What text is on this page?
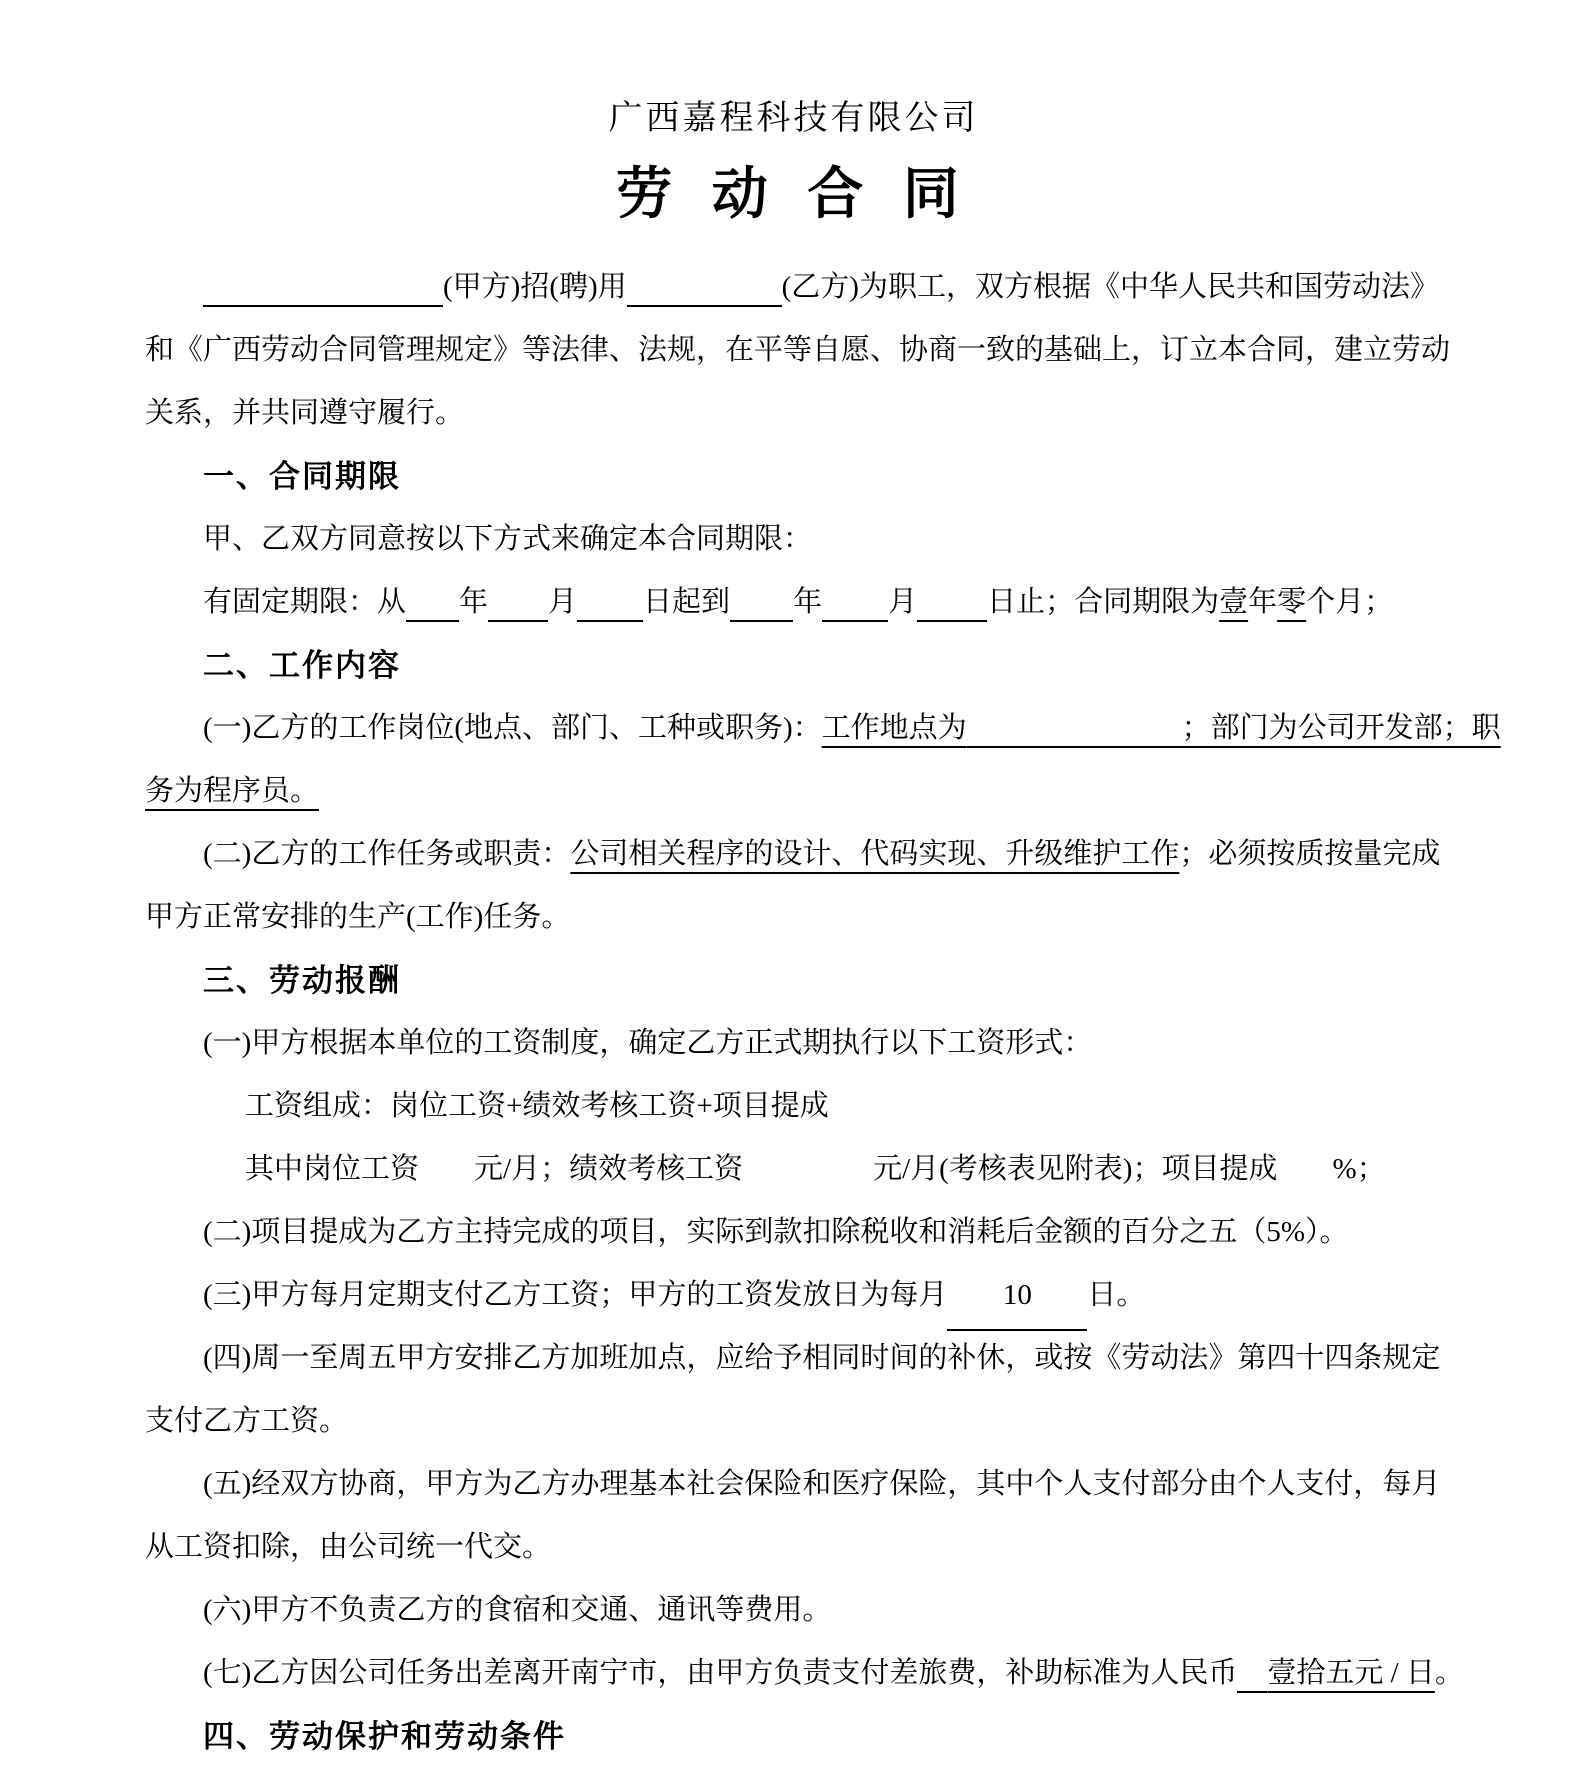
广西嘉程科技有限公司
劳 动 合 同
(甲方)招(聘)用	(乙方)为职工，双方根据《中华人民共和国劳动法》
和《广西劳动合同管理规定》等法律、法规，在平等自愿、协商一致的基础上，订立本合同，建立劳动
关系，并共同遵守履行。
一、合同期限
甲、乙双方同意按以下方式来确定本合同期限：
有固定期限：从 年 月 日起到 年 月 日止；合同期限为壹年零个月；
二、工作内容
(一)乙方的工作岗位(地点、部门、工种或职务)：工作地点为	；部门为公司开发部；职
务为程序员。
(二)乙方的工作任务或职责：公司相关程序的设计、代码实现、升级维护工作；必须按质按量完成
甲方正常安排的生产(工作)任务。
三、劳动报酬
(一)甲方根据本单位的工资制度，确定乙方正式期执行以下工资形式：
工资组成：岗位工资+绩效考核工资+项目提成
其中岗位工资 元/月；绩效考核工资	元/月(考核表见附表)；项目提成 %；
(二)项目提成为乙方主持完成的项目，实际到款扣除税收和消耗后金额的百分之五（5%）。
(三)甲方每月定期支付乙方工资；甲方的工资发放日为每月 10 日。
(四)周一至周五甲方安排乙方加班加点，应给予相同时间的补休，或按《劳动法》第四十四条规定
支付乙方工资。
(五)经双方协商，甲方为乙方办理基本社会保险和医疗保险，其中个人支付部分由个人支付，每月
从工资扣除，由公司统一代交。
(六)甲方不负责乙方的食宿和交通、通讯等费用。
(七)乙方因公司任务出差离开南宁市，由甲方负责支付差旅费，补助标准为人民币 壹拾五元 / 日。
四、劳动保护和劳动条件
